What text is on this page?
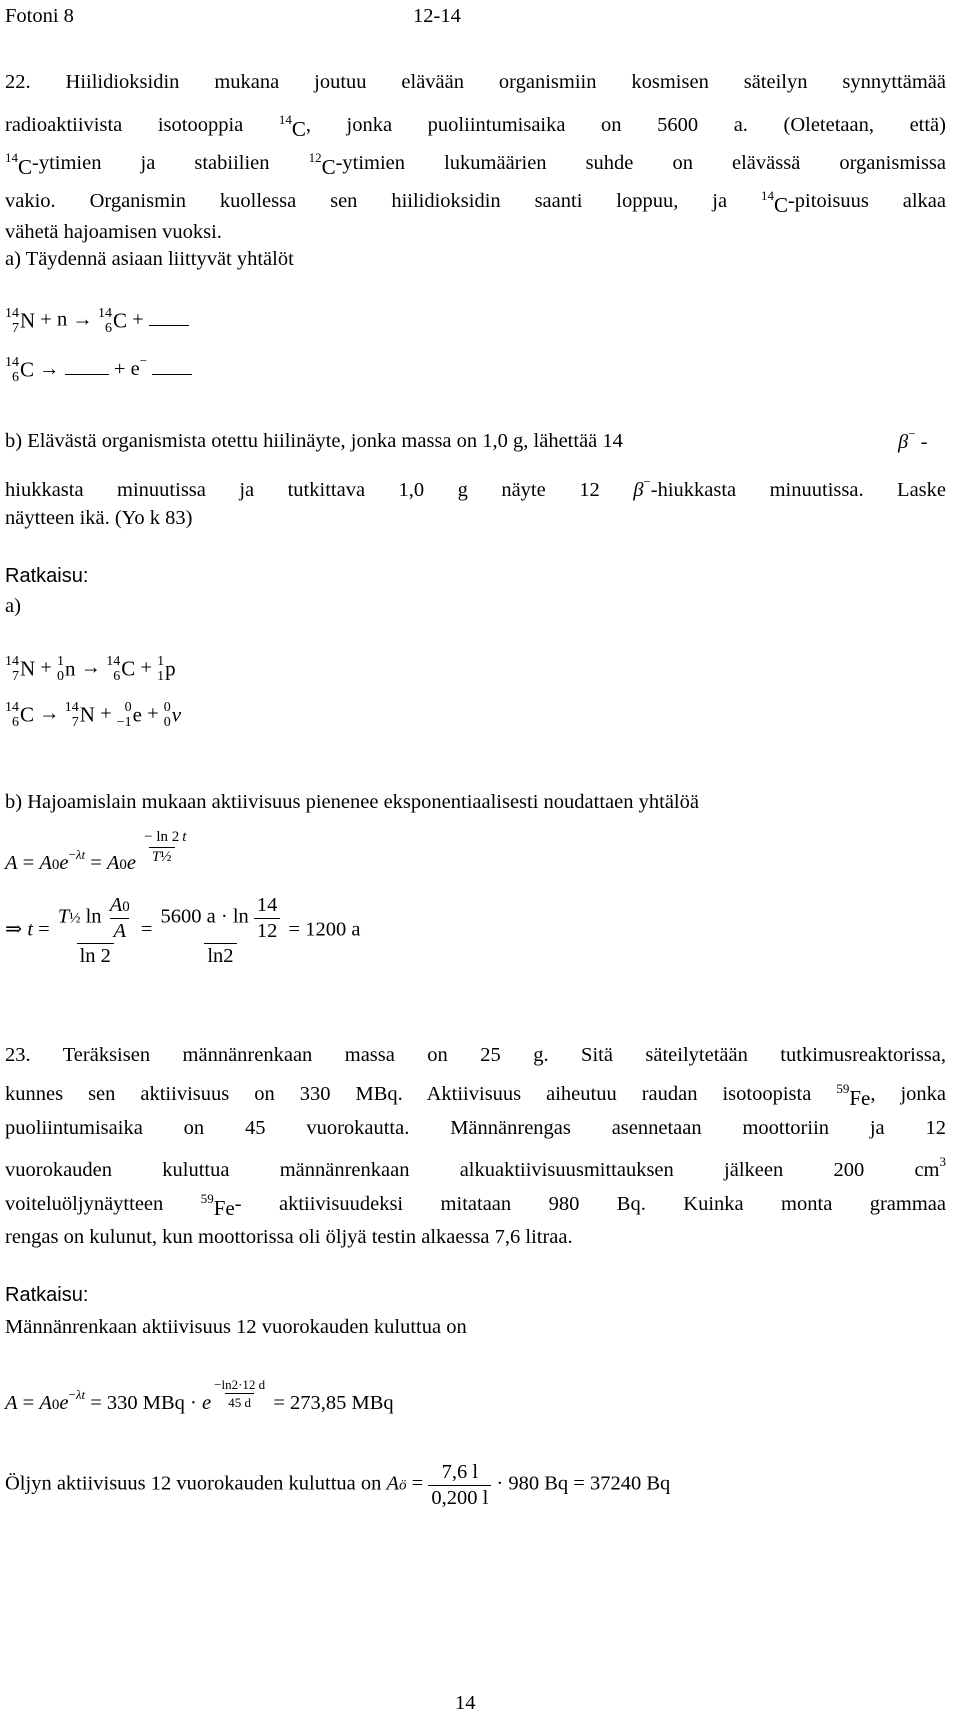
Fotoni 8	12-14
22. Hiilidioksidin mukana joutuu elävään organismiin kosmisen säteilyn synnyttämää
radioaktiivista isotooppia	$^{14}$C, jonka puoliintumisaika on 5600 a. (Oletetaan, että)
$^{14}$C-ytimien ja stabiilien	$^{12}$C-ytimien lukumäärien suhde on elävässä organismissa
vakio. Organismin kuollessa sen hiilidioksidin saanti loppuu, ja	$^{14}$C-pitoisuus alkaa
vähetä hajoamisen vuoksi.
a) Täydennä asiaan liittyvät yhtälöt
14
7 N + n → 14
6 C +
14
6 C →	+ e−
b) Elävästä organismista otettu hiilinäyte, jonka massa on 1,0 g, lähettää 14	β− -
hiukkasta minuutissa ja tutkittava 1,0 g näyte 12 β−-hiukkasta minuutissa. Laske
näytteen ikä. (Yo k 83)
Ratkaisu:
a)
14
7 N + 1
0 n → 14
6 C + 1
1 p
14
6 C → 14
7 N + 0
−1 e + 0
0 ν
b) Hajoamislain mukaan aktiivisuus pienenee eksponentiaalisesti noudattaen yhtälöä
$A = A0e^{-\lambda t} = A0e \frac{- \ln 2}{\text{T½}} ^t$
⇒ $t = \frac{T\frac{1}{2} \ln \frac{A0}{A}}{\ln 2} = \frac{5600 a \cdot \ln \frac{14}{12}}{\ln 2} = 1200$ a
23. Teräksisen männänrenkaan massa on 25 g. Sitä säteilytetään tutkimusreaktorissa,
kunnes sen aktiivisuus on 330 MBq. Aktiivisuus aiheutuu raudan isotoopista $^{59}$Fe, jonka
puoliintumisaika on 45 vuorokautta. Männänrengas asennetaan moottoriin ja 12
vuorokauden kuluttua männänrenkaan alkuaktiivisuusmittauksen jälkeen 200 $cm^3$
voiteluöljynäytteen	$^{59}$Fe- aktiivisuudeksi mitataan 980 Bq. Kuinka monta grammaa
rengas on kulunut, kun moottorissa oli öljyä testin alkaessa 7,6 litraa.
Ratkaisu:
Männänrenkaan aktiivisuus 12 vuorokauden kuluttua on
$A = A0e^{-\lambda t} = 330$ MBq · e $\frac{-\ln 2\cdot 12 d}{45 d} = 273,85$ MBq
Öljyn aktiivisuus 12 vuorokauden kuluttua on Aö = $\frac{7,6 l}{0,200 l} \cdot 980$ Bq = 37240 Bq
14
